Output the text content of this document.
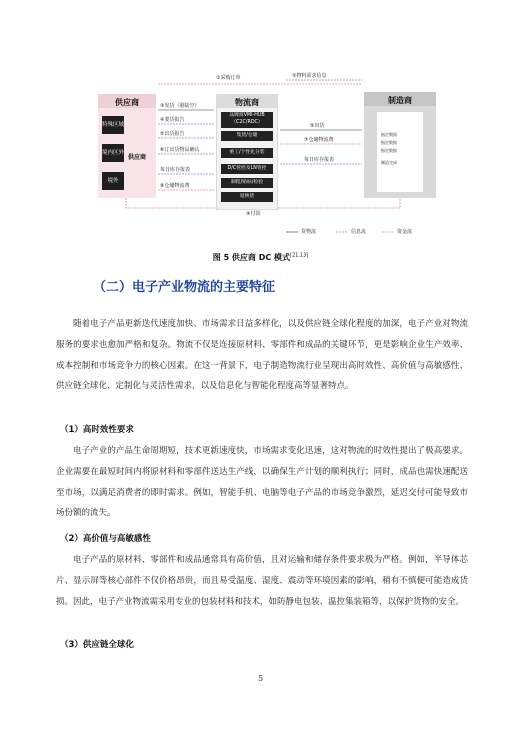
①采购订单	②物料需求信息
供应商
特殊区域
境内区外
境外
供应商
③发货（港陆空）
④要货报告
⑤出货报告
⑥订出货物品确认
每日库存报表
⑧仓储物流费
物流商
品牌商VMI-HUB（C2C/RDC）
集货/仓储
重工/个性化分装
D/C管控及LN管控
制程/贴标/检验
退换货
⑤出货
⑦仓储物流费
每日库存报表
制造商
指定数据
指定数据
指定数据
制造完成
⑨付款
货物流	信息流	资金流
图 5 供应商 DC 模式[21,13]
（二）电子产业物流的主要特征
随着电子产品更新迭代速度加快、市场需求日益多样化，以及供应链全球化程度的加深，电子产业对物流服务的要求也愈加严格和复杂。物流不仅是连接原材料、零部件和成品的关键环节，更是影响企业生产效率、成本控制和市场竞争力的核心因素。在这一背景下，电子制造物流行业呈现出高时效性、高价值与高敏感性、供应链全球化、定制化与灵活性需求，以及信息化与智能化程度高等显著特点。
（1）高时效性要求
电子产业的产品生命周期短，技术更新速度快，市场需求变化迅速，这对物流的时效性提出了极高要求。企业需要在最短时间内将原材料和零部件送达生产线，以确保生产计划的顺利执行；同时，成品也需快速配送至市场，以满足消费者的即时需求。例如，智能手机、电脑等电子产品的市场竞争激烈，延迟交付可能导致市场份额的流失。
（2）高价值与高敏感性
电子产品的原材料、零部件和成品通常具有高价值，且对运输和储存条件要求极为严格。例如，半导体芯片、显示屏等核心部件不仅价格昂贵，而且易受温度、湿度、震动等环境因素的影响，稍有不慎便可能造成货损。因此，电子产业物流需采用专业的包装材料和技术，如防静电包装、温控集装箱等，以保护货物的安全。
（3）供应链全球化
5
